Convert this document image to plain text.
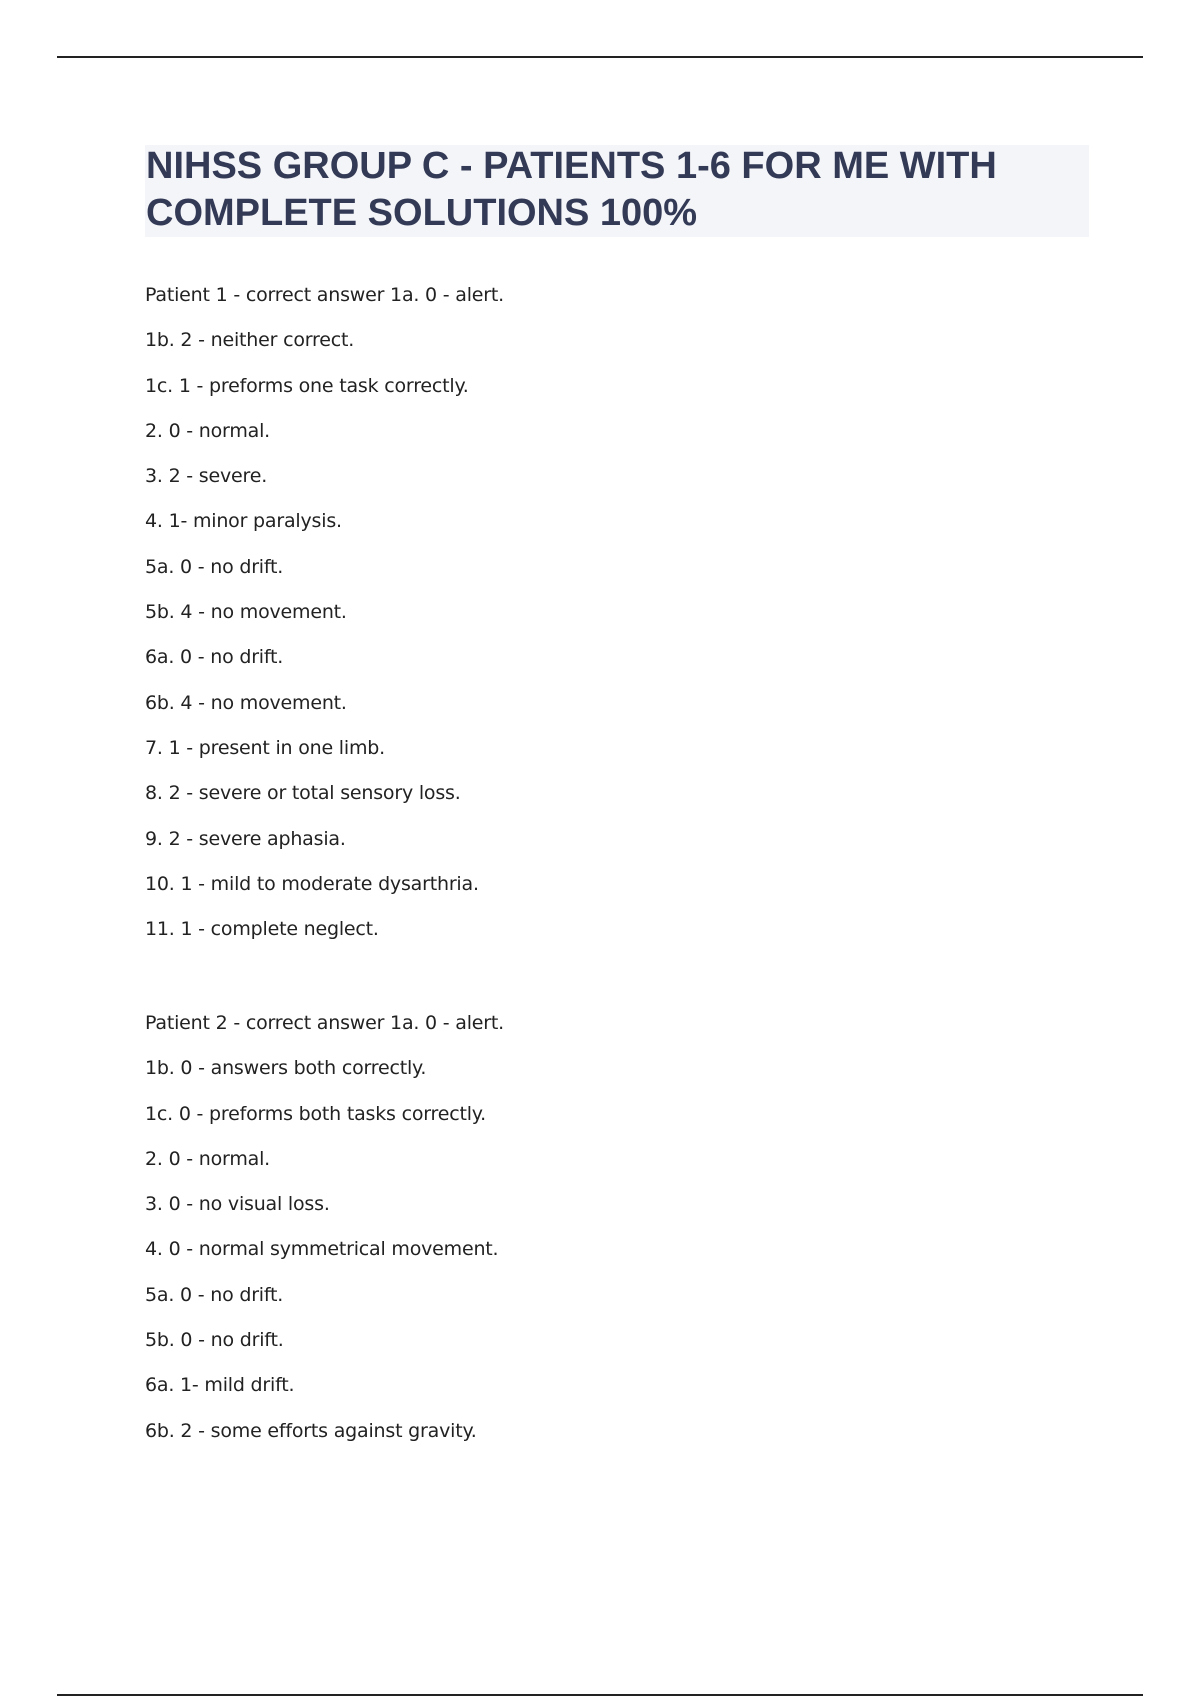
NIHSS GROUP C - PATIENTS 1-6 FOR ME WITH COMPLETE SOLUTIONS 100%
Patient 1 - correct answer 1a. 0 - alert.
1b. 2 - neither correct.
1c. 1 - preforms one task correctly.
2. 0 - normal.
3. 2 - severe.
4. 1- minor paralysis.
5a. 0 - no drift.
5b. 4 - no movement.
6a. 0 - no drift.
6b. 4 - no movement.
7. 1 - present in one limb.
8. 2 - severe or total sensory loss.
9. 2 - severe aphasia.
10. 1 - mild to moderate dysarthria.
11. 1 - complete neglect.
Patient 2 - correct answer 1a. 0 - alert.
1b. 0 - answers both correctly.
1c. 0 - preforms both tasks correctly.
2. 0 - normal.
3. 0 - no visual loss.
4. 0 - normal symmetrical movement.
5a. 0 - no drift.
5b. 0 - no drift.
6a. 1- mild drift.
6b. 2 - some efforts against gravity.
